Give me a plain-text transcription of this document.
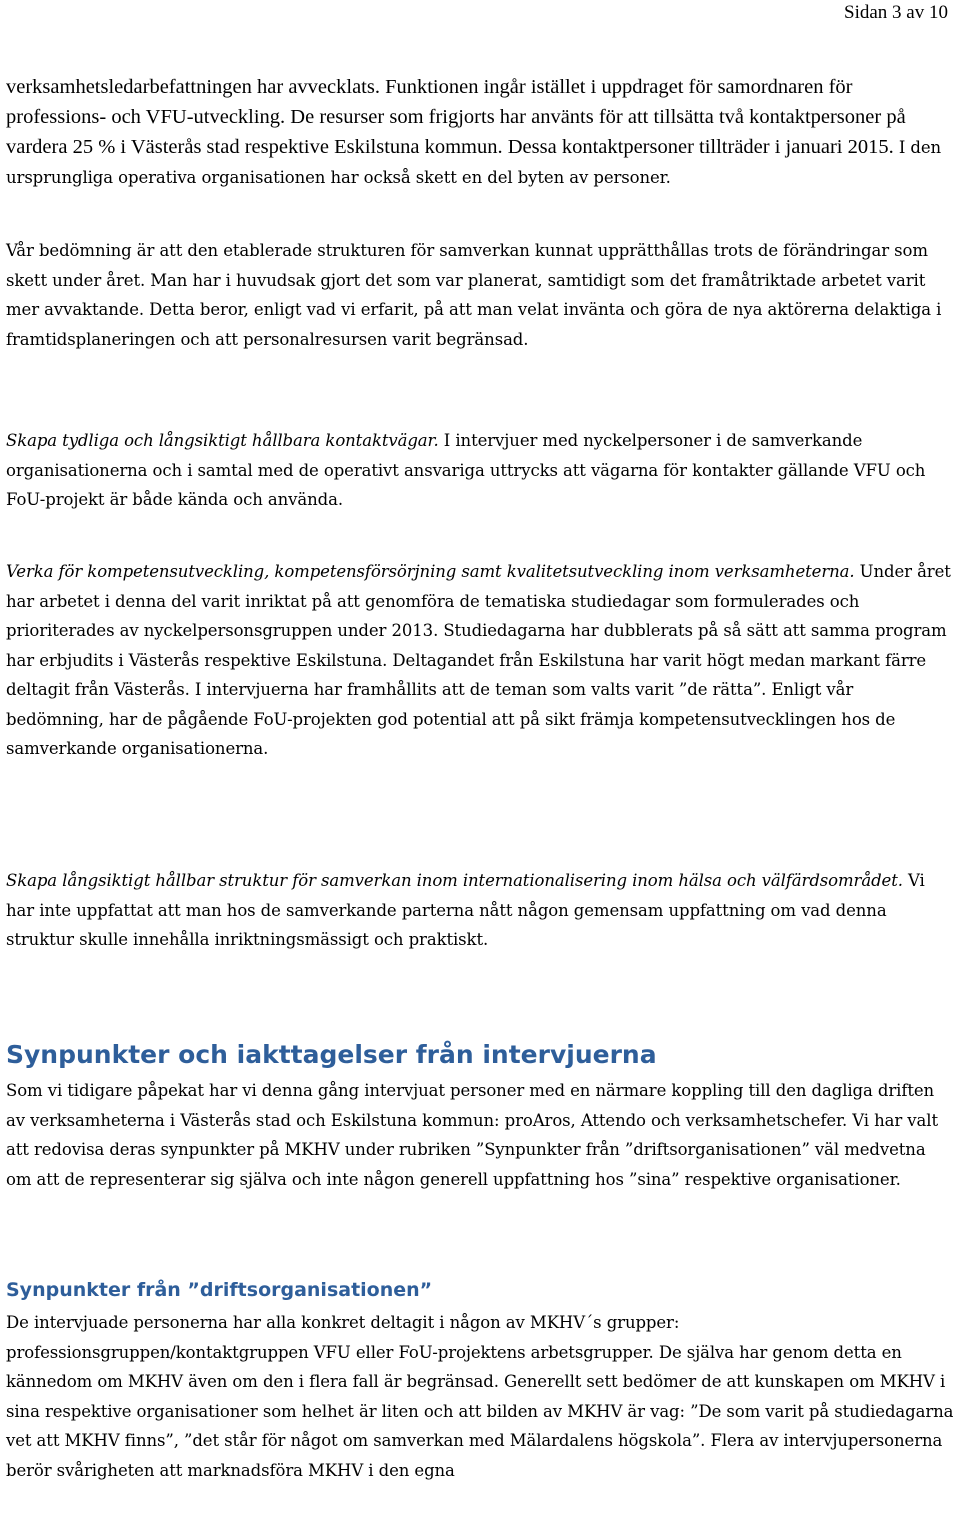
Sidan 3 av 10

verksamhetsledarbefattningen har avvecklats. Funktionen ingår istället i uppdraget för samordnaren för professions- och VFU-utveckling. De resurser som frigjorts har använts för att tillsätta två kontaktpersoner på vardera 25 % i Västerås stad respektive Eskilstuna kommun. Dessa kontaktpersoner tillträder i januari 2015. I den ursprungliga operativa organisationen har också skett en del byten av personer.

Vår bedömning är att den etablerade strukturen för samverkan kunnat upprätthållas trots de förändringar som skett under året. Man har i huvudsak gjort det som var planerat, samtidigt som det framåtriktade arbetet varit mer avvaktande. Detta beror, enligt vad vi erfarit, på att man velat invänta och göra de nya aktörerna delaktiga i framtidsplaneringen och att personalresursen varit begränsad.

Skapa tydliga och långsiktigt hållbara kontaktvägar. I intervjuer med nyckelpersoner i de samverkande organisationerna och i samtal med de operativt ansvariga uttrycks att vägarna för kontakter gällande VFU och FoU-projekt är både kända och använda.

Verka för kompetensutveckling, kompetensförsörjning samt kvalitetsutveckling inom verksamheterna. Under året har arbetet i denna del varit inriktat på att genomföra de tematiska studiedagar som formulerades och prioriterades av nyckelpersonsgruppen under 2013. Studiedagarna har dubblerats på så sätt att samma program har erbjudits i Västerås respektive Eskilstuna. Deltagandet från Eskilstuna har varit högt medan markant färre deltagit från Västerås. I intervjuerna har framhållits att de teman som valts varit ”de rätta”. Enligt vår bedömning, har de pågående FoU-projekten god potential att på sikt främja kompetensutvecklingen hos de samverkande organisationerna.

Skapa långsiktigt hållbar struktur för samverkan inom internationalisering inom hälsa och välfärdsområdet. Vi har inte uppfattat att man hos de samverkande parterna nått någon gemensam uppfattning om vad denna struktur skulle innehålla inriktningsmässigt och praktiskt.

Synpunkter och iakttagelser från intervjuerna

Som vi tidigare påpekat har vi denna gång intervjuat personer med en närmare koppling till den dagliga driften av verksamheterna i Västerås stad och Eskilstuna kommun: proAros, Attendo och verksamhetschefer. Vi har valt att redovisa deras synpunkter på MKHV under rubriken ”Synpunkter från ”driftsorganisationen” väl medvetna om att de representerar sig själva och inte någon generell uppfattning hos ”sina” respektive organisationer.

Synpunkter från ”driftsorganisationen”

De intervjuade personerna har alla konkret deltagit i någon av MKHV´s grupper: professionsgruppen/kontaktgruppen VFU eller FoU-projektens arbetsgrupper. De själva har genom detta en kännedom om MKHV även om den i flera fall är begränsad. Generellt sett bedömer de att kunskapen om MKHV i sina respektive organisationer som helhet är liten och att bilden av MKHV är vag: ”De som varit på studiedagarna vet att MKHV finns”, ”det står för något om samverkan med Mälardalens högskola”. Flera av intervjupersonerna berör svårigheten att marknadsföra MKHV i den egna
